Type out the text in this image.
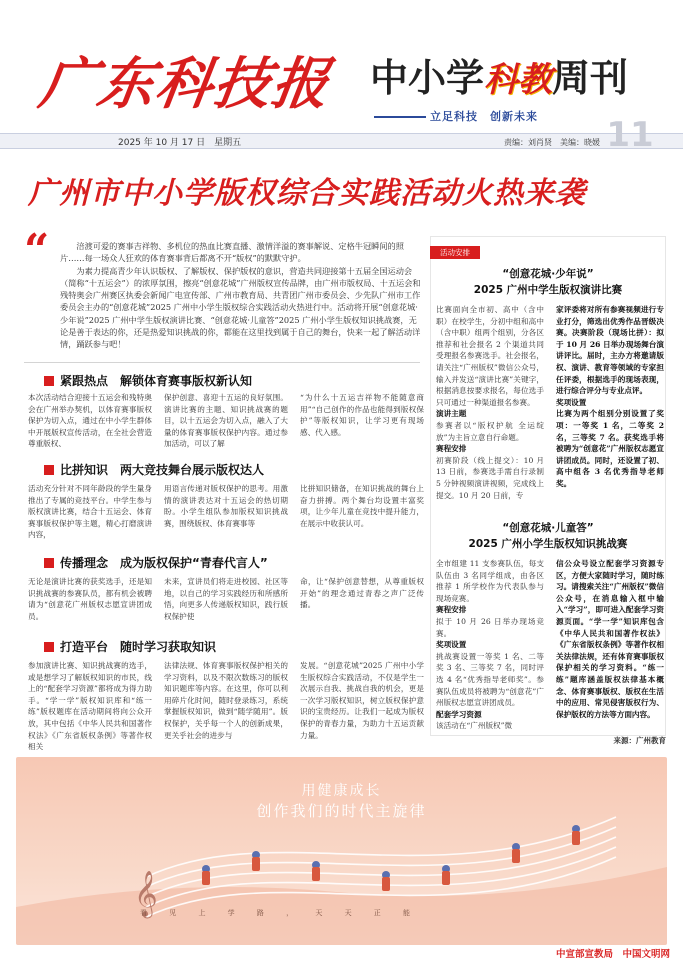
广东科技报 中小学科教周刊
立足科技　创新未来
2025 年 10 月 17 日　星期五	责编：刘肖贤　美编：晓媛 11
广州市中小学版权综合实践活动火热来袭
“	涪渡可爱的赛事吉祥物、多机位的热血比赛直播、激情洋溢的赛事解说、定格牛冠瞬间的照片……每一场众人狂欢的体育赛事背后都离不开“版权”的默默守护。

为素力提高青少年认识版权、了解版权、保护版权的意识，营造共同迎接第十五届全国运动会（简称“十五运会”）的浓厚氛围，擦亮“创意花城”广州版权宣传品牌，由广州市版权局、十五运会和残特奥会广州赛区执委会新闻广电宣传部、广州市教育局、共青团广州市委员会、少先队广州市工作委员会主办的“创意花城”2025 广州中小学生版权综合实践活动火热进行中。活动将开展“创意花城·少年说”2025 广州中学生版权演讲比赛、“创意花城·儿童答”2025 广州小学生版权知识挑战赛，无论是善于表达的你，还是热爱知识挑战的你，都能在这里找到属于自己的舞台，快来一起了解活动详情，踊跃参与吧！

紧跟热点　解锁体育赛事版权新认知
本次活动结合迎接十五运会和残特奥会在广州举办契机，以体育赛事版权保护为切入点，通过在中小学生群体中开展版权宣传活动，在全社会营造尊重版权、
保护创意、喜迎十五运的良好氛围。演讲比赛的主题、知识挑战赛的题目，以十五运会为切入点，融入了大量的体育赛事版权保护内容。通过参加活动，可以了解
“为什么十五运吉祥物不能随意商用”“自己创作的作品也能得到版权保护”等版权知识，让学习更有现场感、代入感。
比拼知识　两大竞技舞台展示版权达人
活动充分针对不同年龄段的学生量身推出了专属的竞技平台。中学生参与版权演讲比赛，结合十五运会、体育赛事版权保护等主题，精心打磨演讲内容，
用语言传递对版权保护的思考。用激情的演讲表达对十五运会的热切期盼。小学生组队参加版权知识挑战赛，围绕版权、体育赛事等
比拼知识储备，在知识挑战的舞台上奋力拼搏。两个舞台均设置丰富奖项，让少年儿童在竞技中提升能力，在展示中收获认可。
传播理念　成为版权保护“青春代言人”
无论是演讲比赛的获奖选手，还是知识挑战赛的参赛队员，都有机会被聘请为“创意花广州版权志愿宣讲团成员。
未来，宣讲员们将走进校园、社区等地，以自己的学习实践经历和所感所悟，向更多人传递版权知识，践行版权保护使
命，让“保护创意替想，从尊重版权开始”的理念通过青春之声广泛传播。
打造平台　随时学习获取知识
参加演讲比赛、知识挑战赛的选手，或是想学习了解版权知识的市民，线上的“配套学习资源”都将成为得力助手。“学一学”版权知识库和“练一练”版权题库在活动期间将向公众开放，其中包括《中华人民共和国著作权法》《广东省版权条例》等著作权相关
法律法规、体育赛事版权保护相关的学习资料，以及不限次数练习的版权知识题库等内容。在这里，你可以利用碎片化时间，随时登录练习，系统掌握版权知识，做到“随学随用”。版权保护，关乎每一个人的创新成果，更关乎社会的进步与
发展。“创意花城”2025 广州中小学生版权综合实践活动，不仅是学生一次展示自我、挑战自我的机会，更是一次学习版权知识，树立版权保护意识的宝贵经历。让我们一起成为版权保护的青春力量，为助力十五运贡献力量。
活动安排
“创意花城·少年说”
2025 广州中学生版权演讲比赛
比赛面向全市初、高中（含中职）在校学生，分初中组和高中（含中职）组两个组别，分各区推荐和社会报名 2 个渠道共同受理报名参赛选手。社会报名，请关注“广州版权”微信公众号，输入并发送“演讲比赛”关键字，根据消息按要求报名，每位选手只可通过一种渠道报名参赛。
演讲主题
参赛者以“版权护航 全运绽放”为主旨立意自行命题。
赛程安排
初赛阶段（线上提交）：10 月 13 日前，参赛选手需自行录制 5 分钟视频演讲视频，完成线上提交。10 月 20 日前，专
家评委将对所有参赛视频进行专业打分，筛选出优秀作品晋级决赛。决赛阶段（现场比拼）：拟于 10 月 26 日举办现场舞台演讲评比。届时，主办方将邀请版权、演讲、教育等领域的专家担任评委，根据选手的现场表现，进行综合评分与专业点评。
奖项设置
比赛为两个组别分别设置了奖项：一等奖 1 名，二等奖 2 名，三等奖 7 名。获奖选手将被聘为“创意花”广州版权志愿宣讲团成员。同时，还设置了初、高中组各 3 名优秀指导老师奖。
“创意花城·儿童答”
2025 广州小学生版权知识挑战赛
全市组建 11 支参赛队伍，每支队伍由 3 名同学组成，由各区推荐 1 所学校作为代表队参与现场竞赛。
赛程安排
拟于 10 月 26 日举办现场竞赛。
奖项设置
挑战赛设置一等奖 1 名、二等奖 3 名、三等奖 7 名，同时评选 4 名“优秀指导老师奖”。参赛队伍成员将被聘为“创意花”广州版权志愿宣讲团成员。
配套学习资源
该活动在“广州版权”微
信公众号设立配套学习资源专区，方便大家随时学习，随时练习。请搜索关注“广州版权”微信公众号，在消息输入框中输入“学习”，即可进入配套学习资源页面。“学一学”知识库包含《中华人民共和国著作权法》《广东省版权条例》等著作权相关法律法规，还有体育赛事版权保护相关的学习资料。“练一练”题库涵盖版权法律基本概念、体育赛事版权、版权在生活中的应用、常见侵害版权行为、保护版权的方法等方面内容。
来源：广州教育
𝄞
用健康成长
创作我们的时代主旋律
看 见 上 学 路 ， 天 天 正 能
中宣部宣教局　中国文明网
